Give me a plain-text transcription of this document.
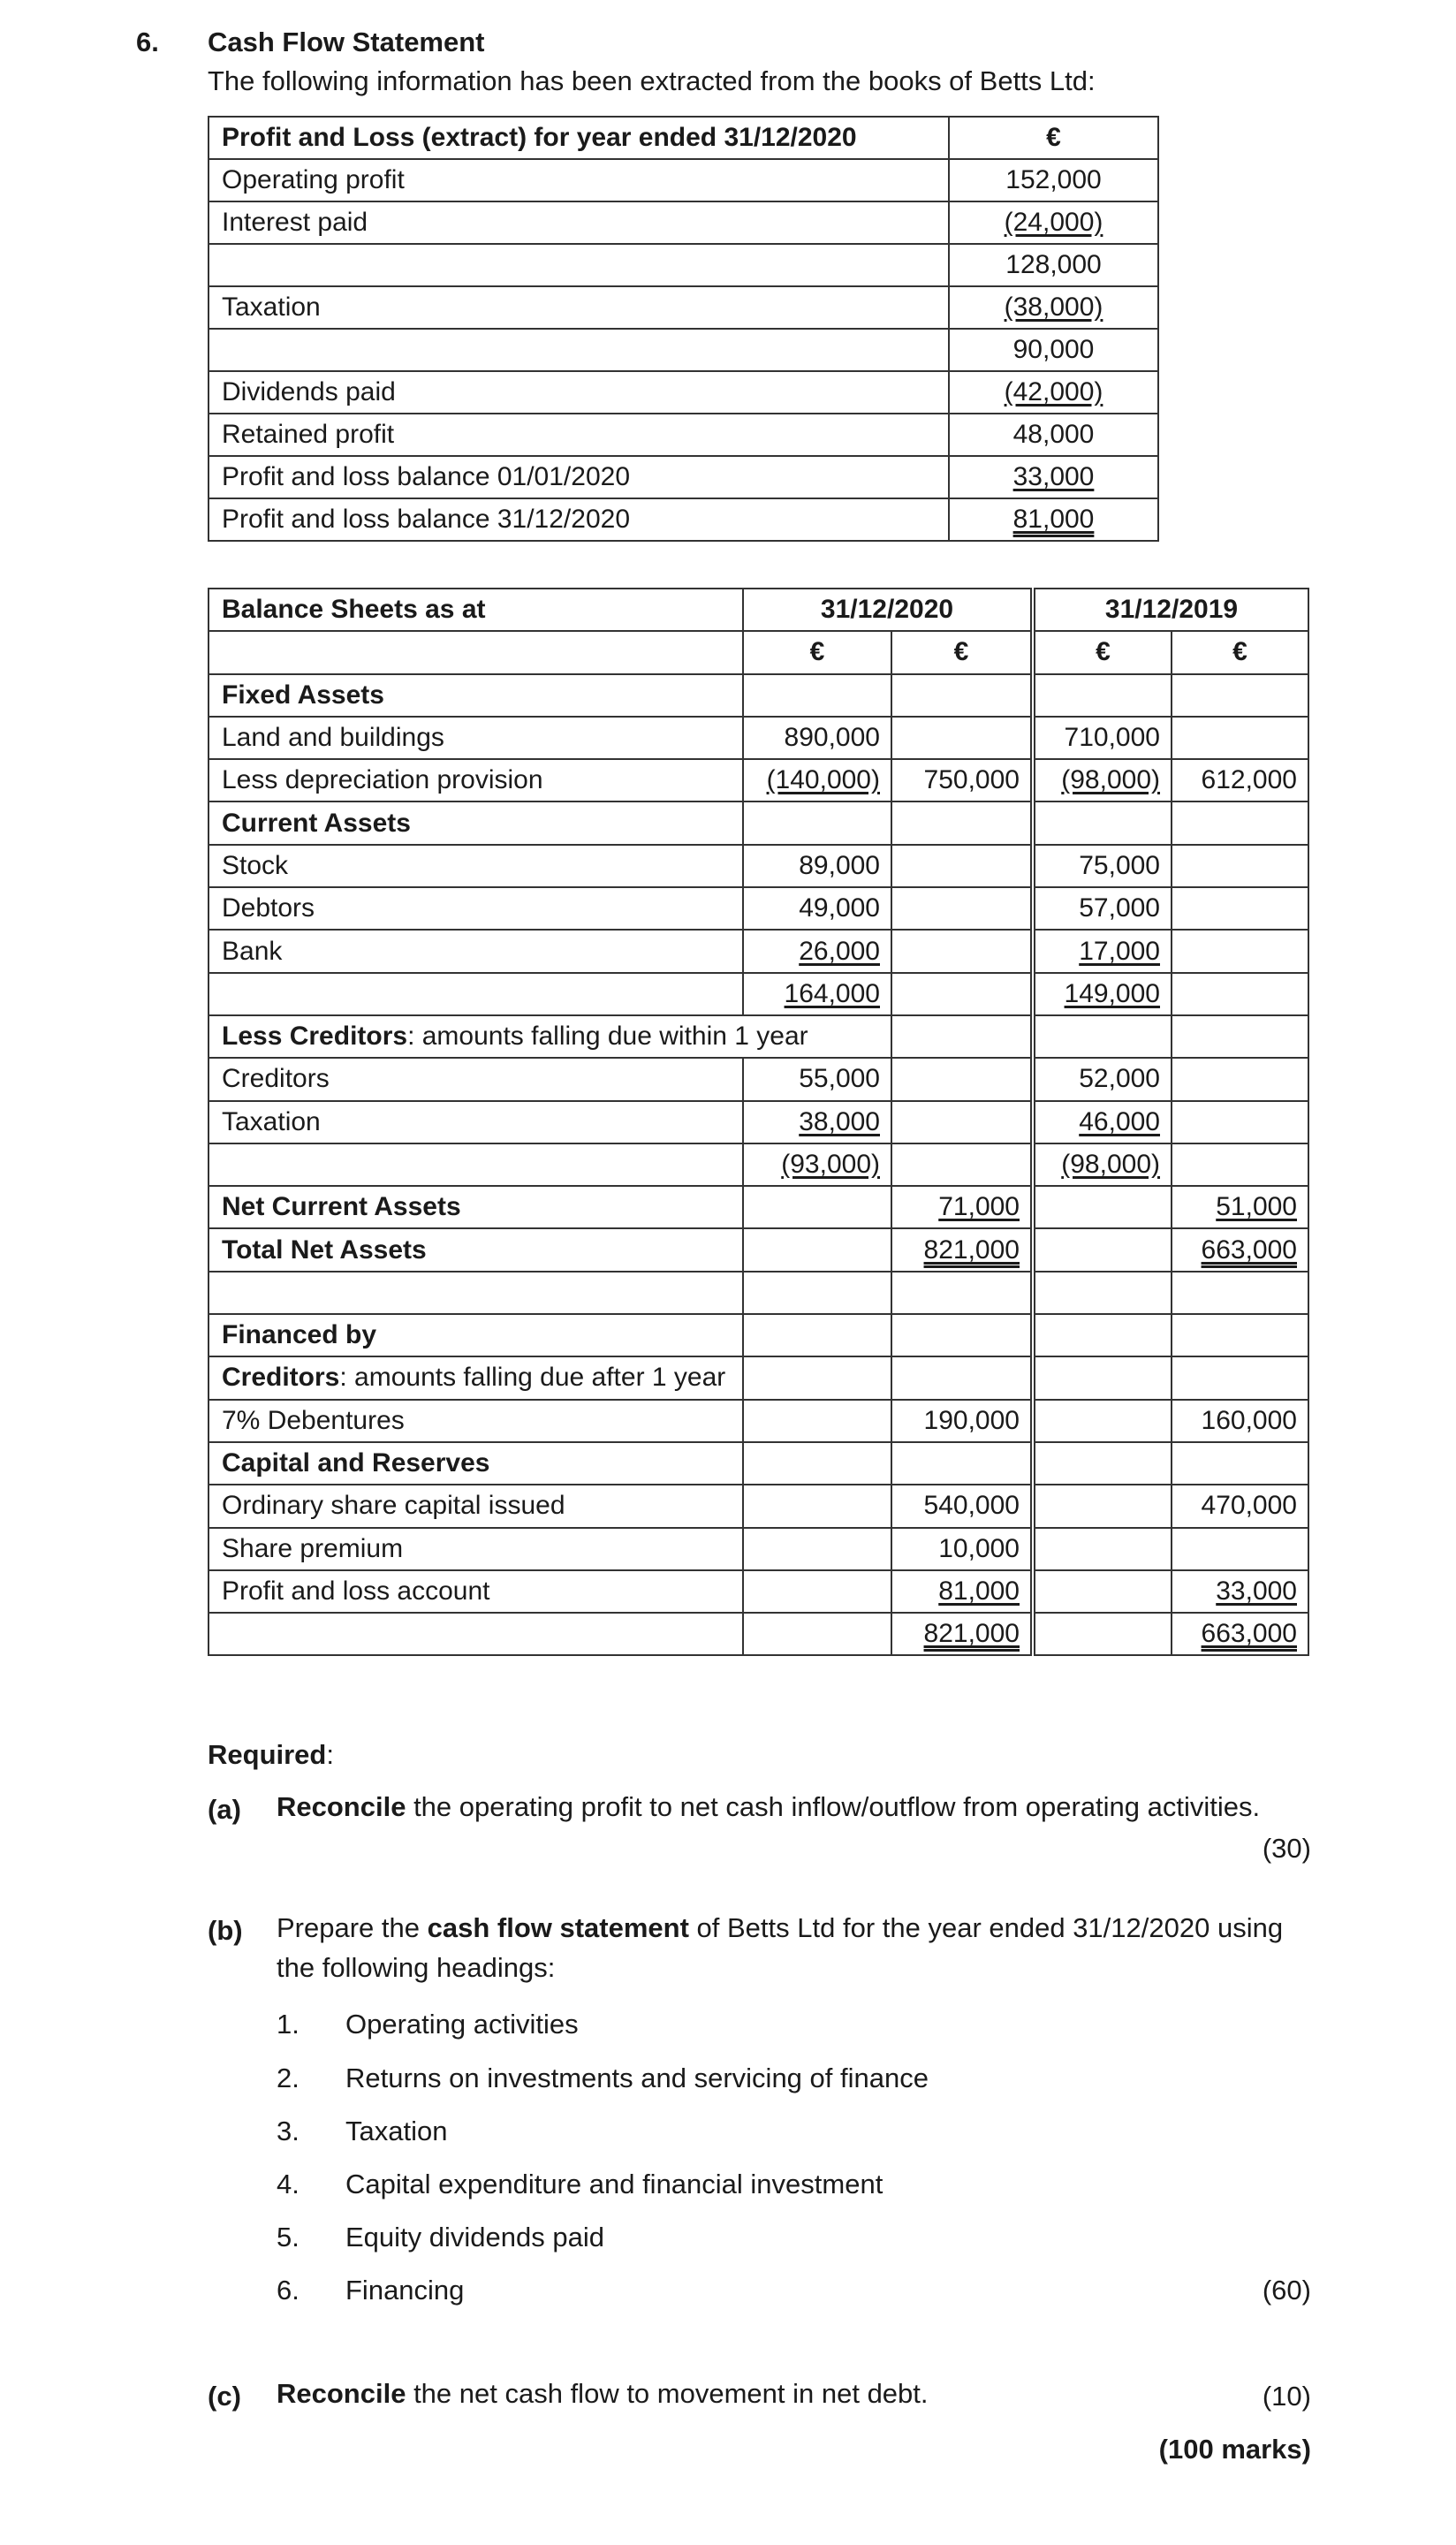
6. Cash Flow Statement
The following information has been extracted from the books of Betts Ltd:
Profit and Loss (extract) for year ended 31/12/2020	€
Operating profit	152,000
Interest paid	(24,000)
	128,000
Taxation	(38,000)
	90,000
Dividends paid	(42,000)
Retained profit	48,000
Profit and loss balance 01/01/2020	33,000
Profit and loss balance 31/12/2020	81,000
Balance Sheets as at	31/12/2020		31/12/2019	
	€	€	€	€
Fixed Assets				
Land and buildings	890,000		710,000	
Less depreciation provision	(140,000)	750,000	(98,000)	612,000
Current Assets				
Stock	89,000		75,000	
Debtors	49,000		57,000	
Bank	26,000		17,000	
	164,000		149,000	
Less Creditors: amounts falling due within 1 year				
Creditors	55,000		52,000	
Taxation	38,000		46,000	
	(93,000)		(98,000)	
Net Current Assets		71,000		51,000
Total Net Assets		821,000		663,000

Financed by				
Creditors: amounts falling due after 1 year				
7% Debentures		190,000		160,000
Capital and Reserves				
Ordinary share capital issued		540,000		470,000
Share premium		10,000		
Profit and loss account		81,000		33,000
		821,000		663,000
Required:
(a) Reconcile the operating profit to net cash inflow/outflow from operating activities.
(30)
(b) Prepare the cash flow statement of Betts Ltd for the year ended 31/12/2020 using
the following headings:
1. Operating activities
2. Returns on investments and servicing of finance
3. Taxation
4. Capital expenditure and financial investment
5. Equity dividends paid
6. Financing	(60)
(c) Reconcile the net cash flow to movement in net debt.	(10)
(100 marks)
